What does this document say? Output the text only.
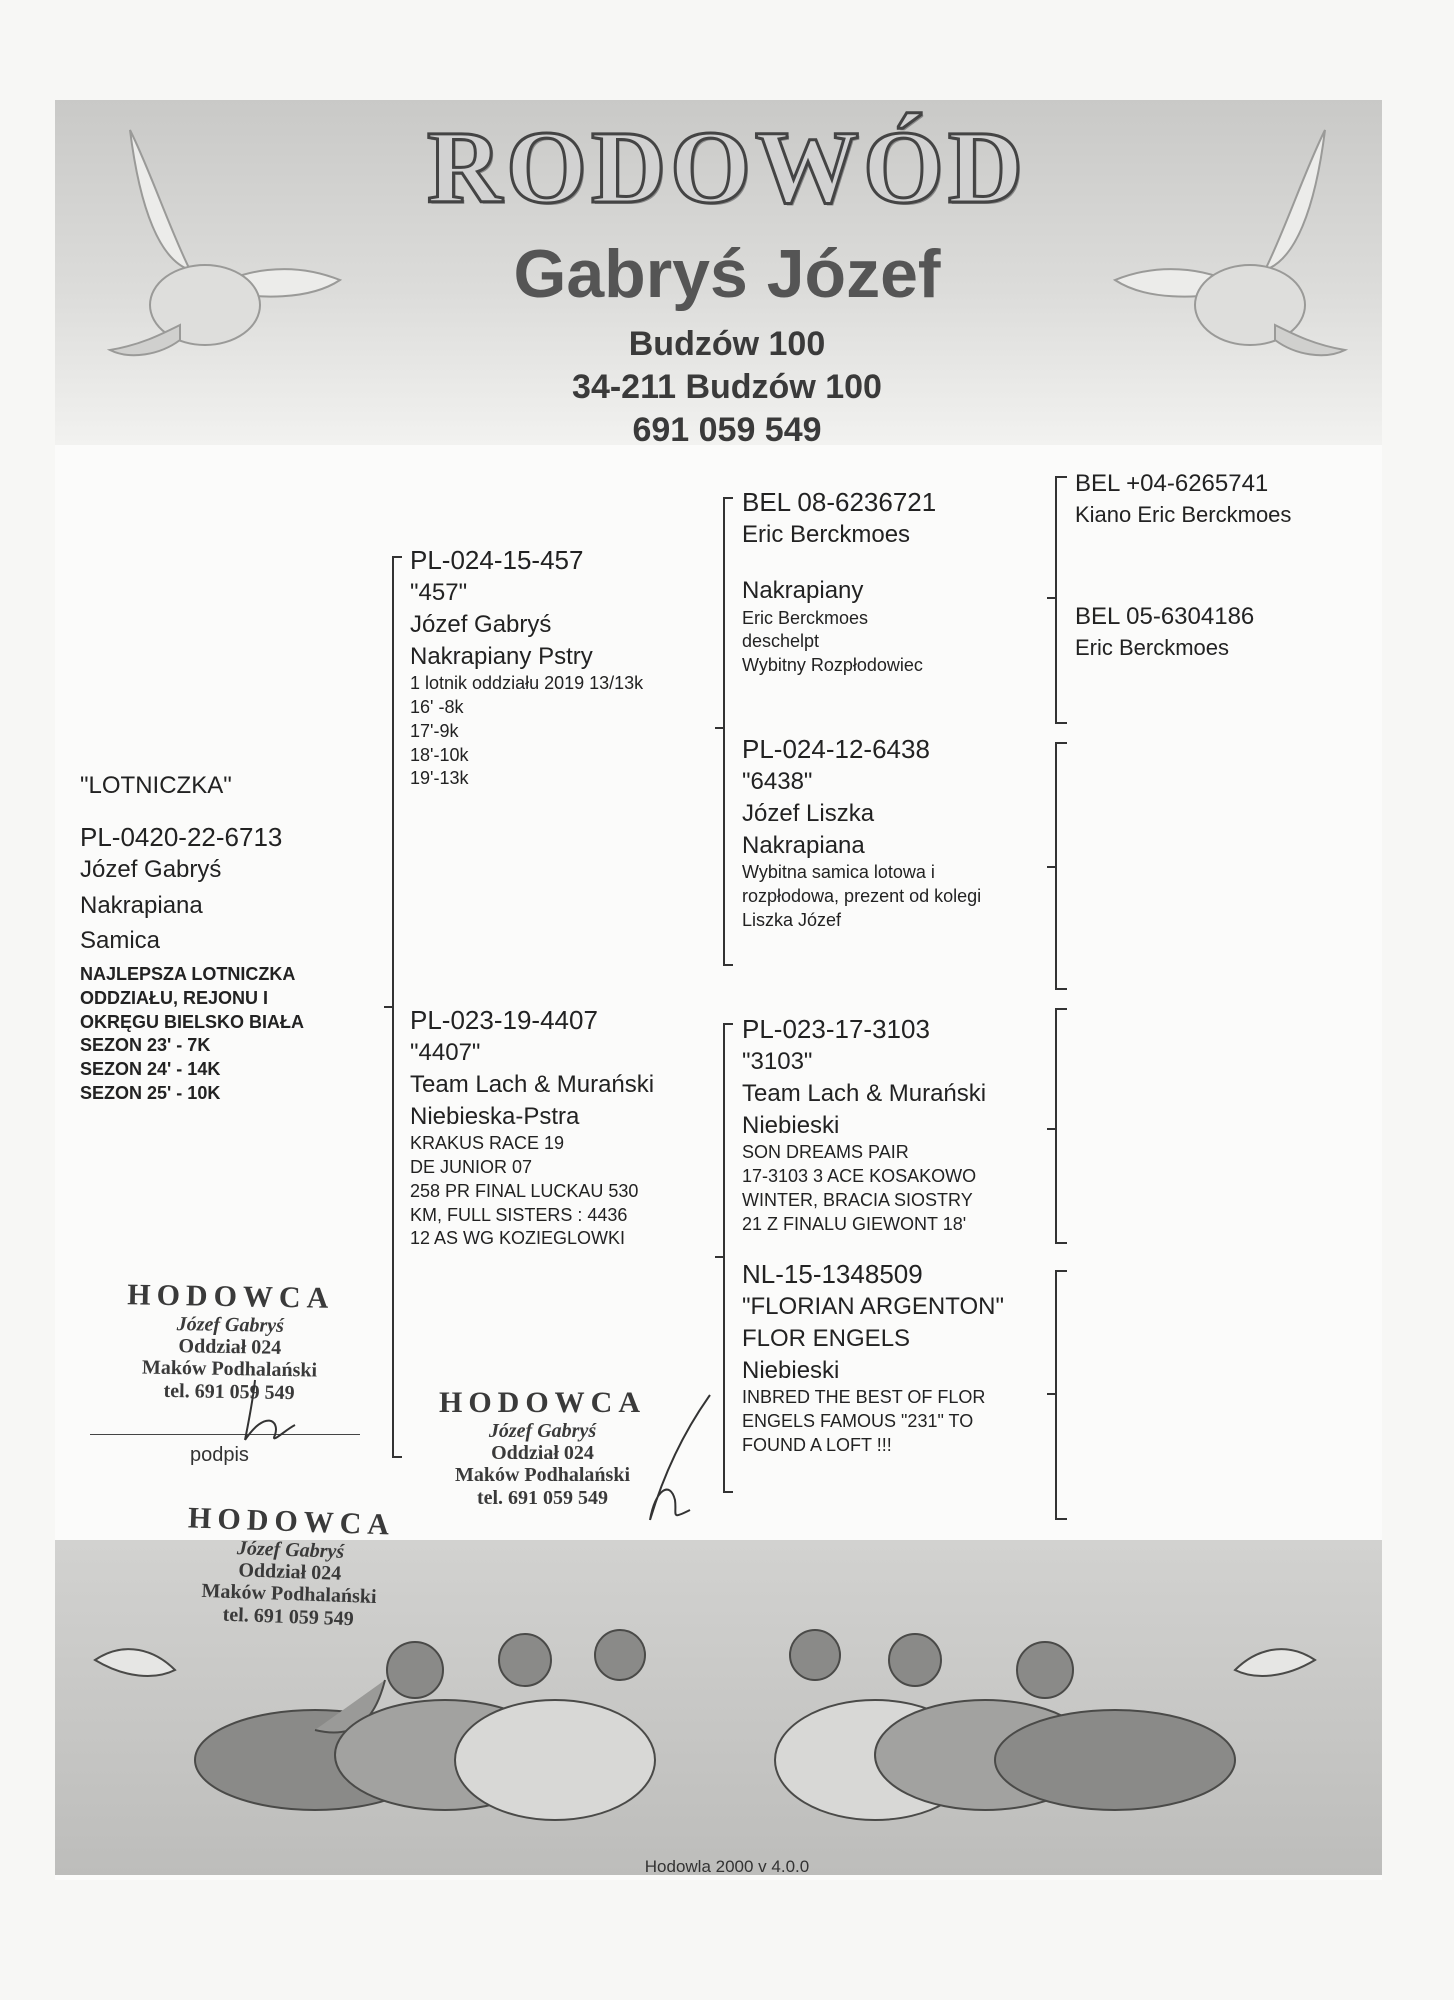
RODOWÓD
Gabryś Józef
Budzów 100
34-211 Budzów 100
691 059 549
"LOTNICZKA"
PL-0420-22-6713
Józef Gabryś
Nakrapiana
Samica
NAJLEPSZA LOTNICZKA
ODDZIAŁU, REJONU I
OKRĘGU BIELSKO BIAŁA
SEZON 23' - 7K
SEZON 24' - 14K
SEZON 25' - 10K
PL-024-15-457
"457"
Józef Gabryś
Nakrapiany Pstry
1 lotnik oddziału 2019 13/13k
16' -8k
17'-9k
18'-10k
19'-13k
PL-023-19-4407
"4407"
Team Lach & Murański
Niebieska-Pstra
KRAKUS RACE 19
DE JUNIOR 07
258 PR FINAL LUCKAU 530
KM, FULL SISTERS : 4436
12 AS WG KOZIEGLOWKI
BEL 08-6236721
Eric Berckmoes
Nakrapiany
Eric Berckmoes
deschelpt
Wybitny Rozpłodowiec
PL-024-12-6438
"6438"
Józef Liszka
Nakrapiana
Wybitna samica lotowa i
rozpłodowa, prezent od kolegi
Liszka Józef
PL-023-17-3103
"3103"
Team Lach & Murański
Niebieski
SON DREAMS PAIR
17-3103 3 ACE KOSAKOWO
WINTER, BRACIA SIOSTRY
21 Z FINALU GIEWONT 18'
NL-15-1348509
"FLORIAN ARGENTON"
FLOR ENGELS
Niebieski
INBRED THE BEST OF FLOR
ENGELS FAMOUS "231" TO
FOUND A LOFT !!!
BEL +04-6265741
Kiano Eric Berckmoes
BEL 05-6304186
Eric Berckmoes
HODOWCA
Józef Gabryś
Oddział 024
Maków Podhalański
tel. 691 059 549
podpis
HODOWCA
Józef Gabryś
Oddział 024
Maków Podhalański
tel. 691 059 549
HODOWCA
Józef Gabryś
Oddział 024
Maków Podhalański
tel. 691 059 549
Hodowla 2000 v 4.0.0
